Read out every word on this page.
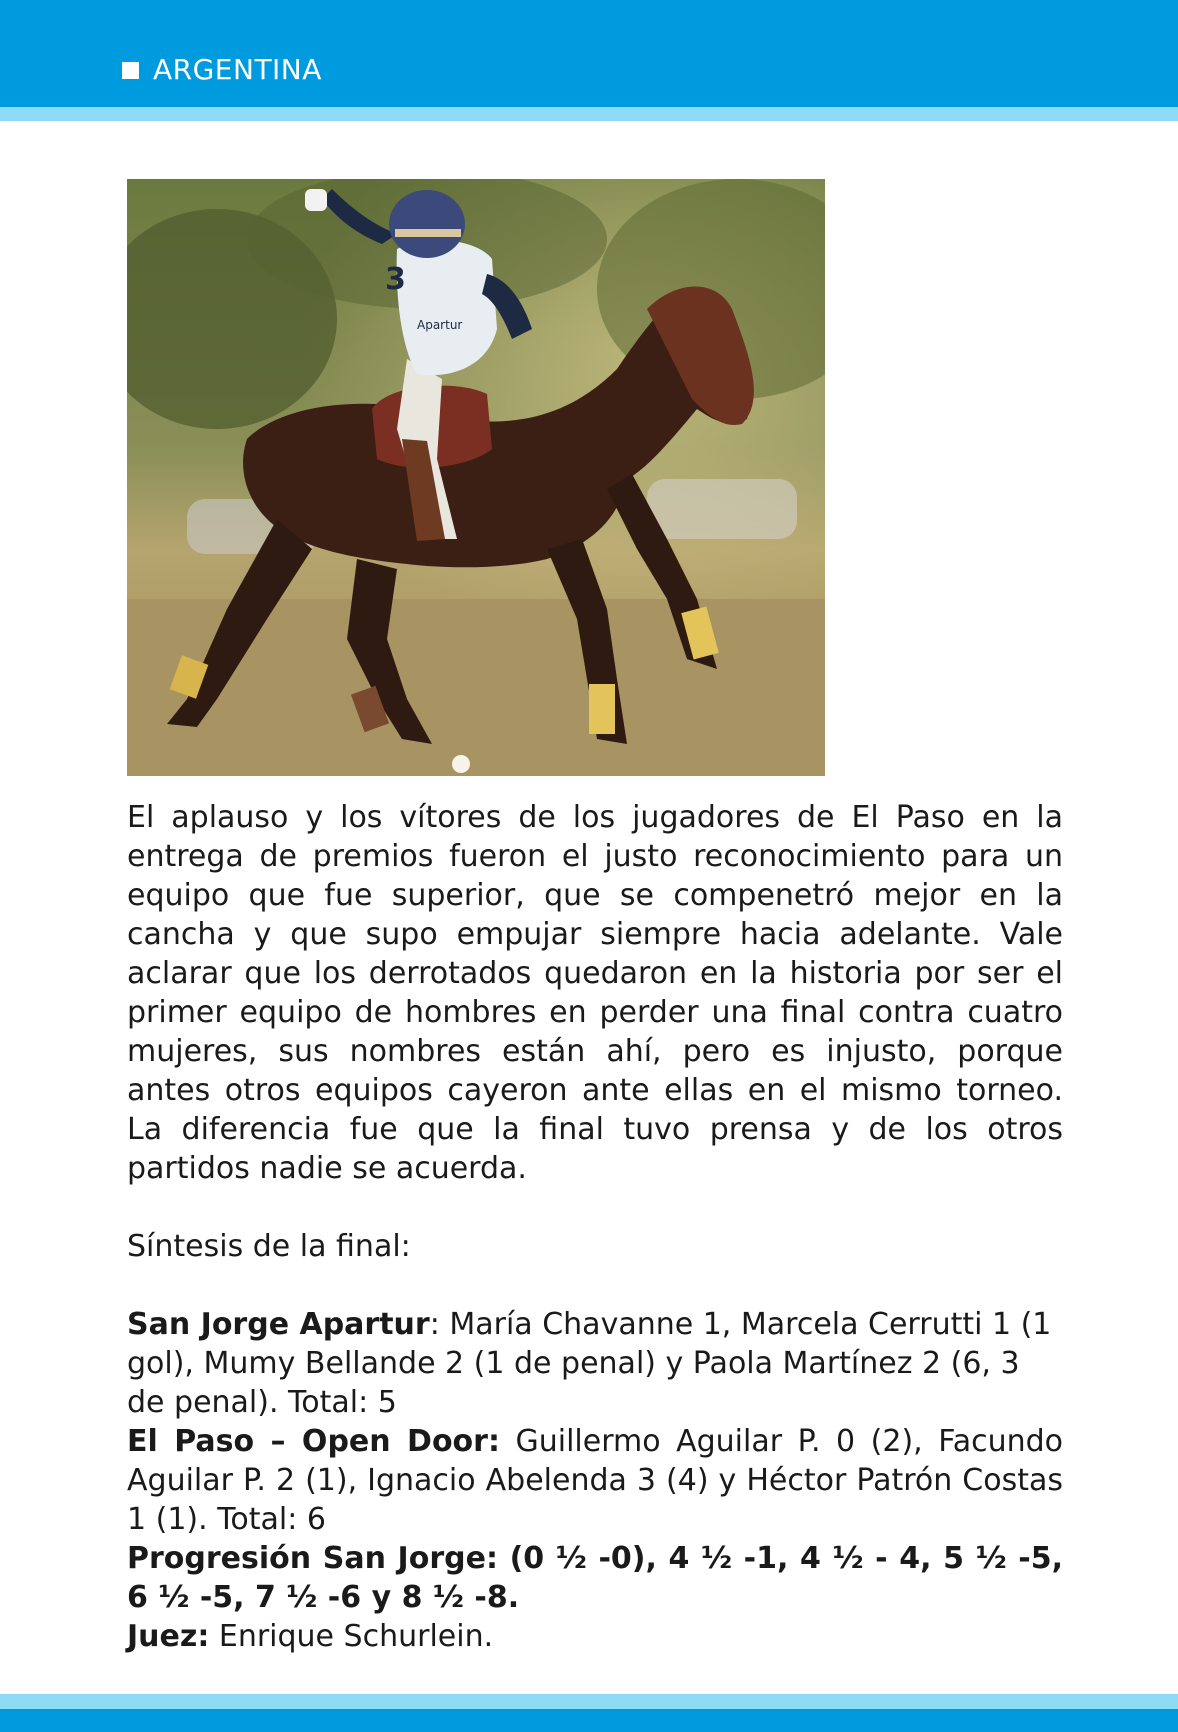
ARGENTINA
3
Apartur

El aplauso y los vítores de los jugadores de El Paso en la entrega de premios fueron el justo reconocimiento para un equipo que fue superior, que se compenetró mejor en la cancha y que supo empujar siempre hacia adelante. Vale aclarar que los derrotados quedaron en la historia por ser el primer equipo de hombres en perder una final contra cuatro mujeres, sus nombres están ahí, pero es injusto, porque antes otros equipos cayeron ante ellas en el mismo torneo. La diferencia fue que la final tuvo prensa y de los otros partidos nadie se acuerda.

Síntesis de la final:

San Jorge Apartur: María Chavanne 1, Marcela Cerrutti 1 (1 gol), Mumy Bellande 2 (1 de penal) y Paola Martínez 2 (6, 3 de penal). Total: 5

El Paso – Open Door: Guillermo Aguilar P. 0 (2), Facundo Aguilar P. 2 (1), Ignacio Abelenda 3 (4) y Héctor Patrón Costas 1 (1). Total: 6

Progresión San Jorge: (0 ½ -0), 4 ½ -1, 4 ½ - 4, 5 ½ -5, 6 ½ -5, 7 ½ -6 y 8 ½ -8.

Juez: Enrique Schurlein.
